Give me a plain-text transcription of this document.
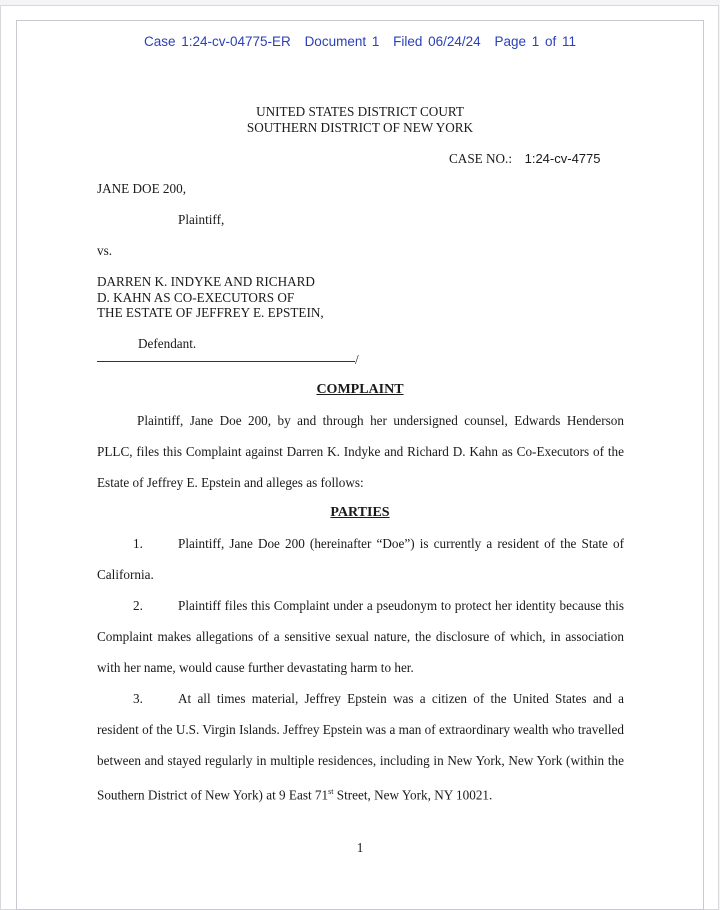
Case 1:24-cv-04775-ER Document 1 Filed 06/24/24 Page 1 of 11
UNITED STATES DISTRICT COURT
SOUTHERN DISTRICT OF NEW YORK
CASE NO.: 1:24-cv-4775
JANE DOE 200,
Plaintiff,
vs.
DARREN K. INDYKE AND RICHARD
D. KAHN AS CO-EXECUTORS OF
THE ESTATE OF JEFFREY E. EPSTEIN,
Defendant.
/
COMPLAINT
Plaintiff, Jane Doe 200, by and through her undersigned counsel, Edwards Henderson PLLC, files this Complaint against Darren K. Indyke and Richard D. Kahn as Co-Executors of the Estate of Jeffrey E. Epstein and alleges as follows:
PARTIES
1.	Plaintiff, Jane Doe 200 (hereinafter “Doe”) is currently a resident of the State of California.
2.	Plaintiff files this Complaint under a pseudonym to protect her identity because this Complaint makes allegations of a sensitive sexual nature, the disclosure of which, in association with her name, would cause further devastating harm to her.
3.	At all times material, Jeffrey Epstein was a citizen of the United States and a resident of the U.S. Virgin Islands. Jeffrey Epstein was a man of extraordinary wealth who travelled between and stayed regularly in multiple residences, including in New York, New York (within the Southern District of New York) at 9 East 71st Street, New York, NY 10021.
1
